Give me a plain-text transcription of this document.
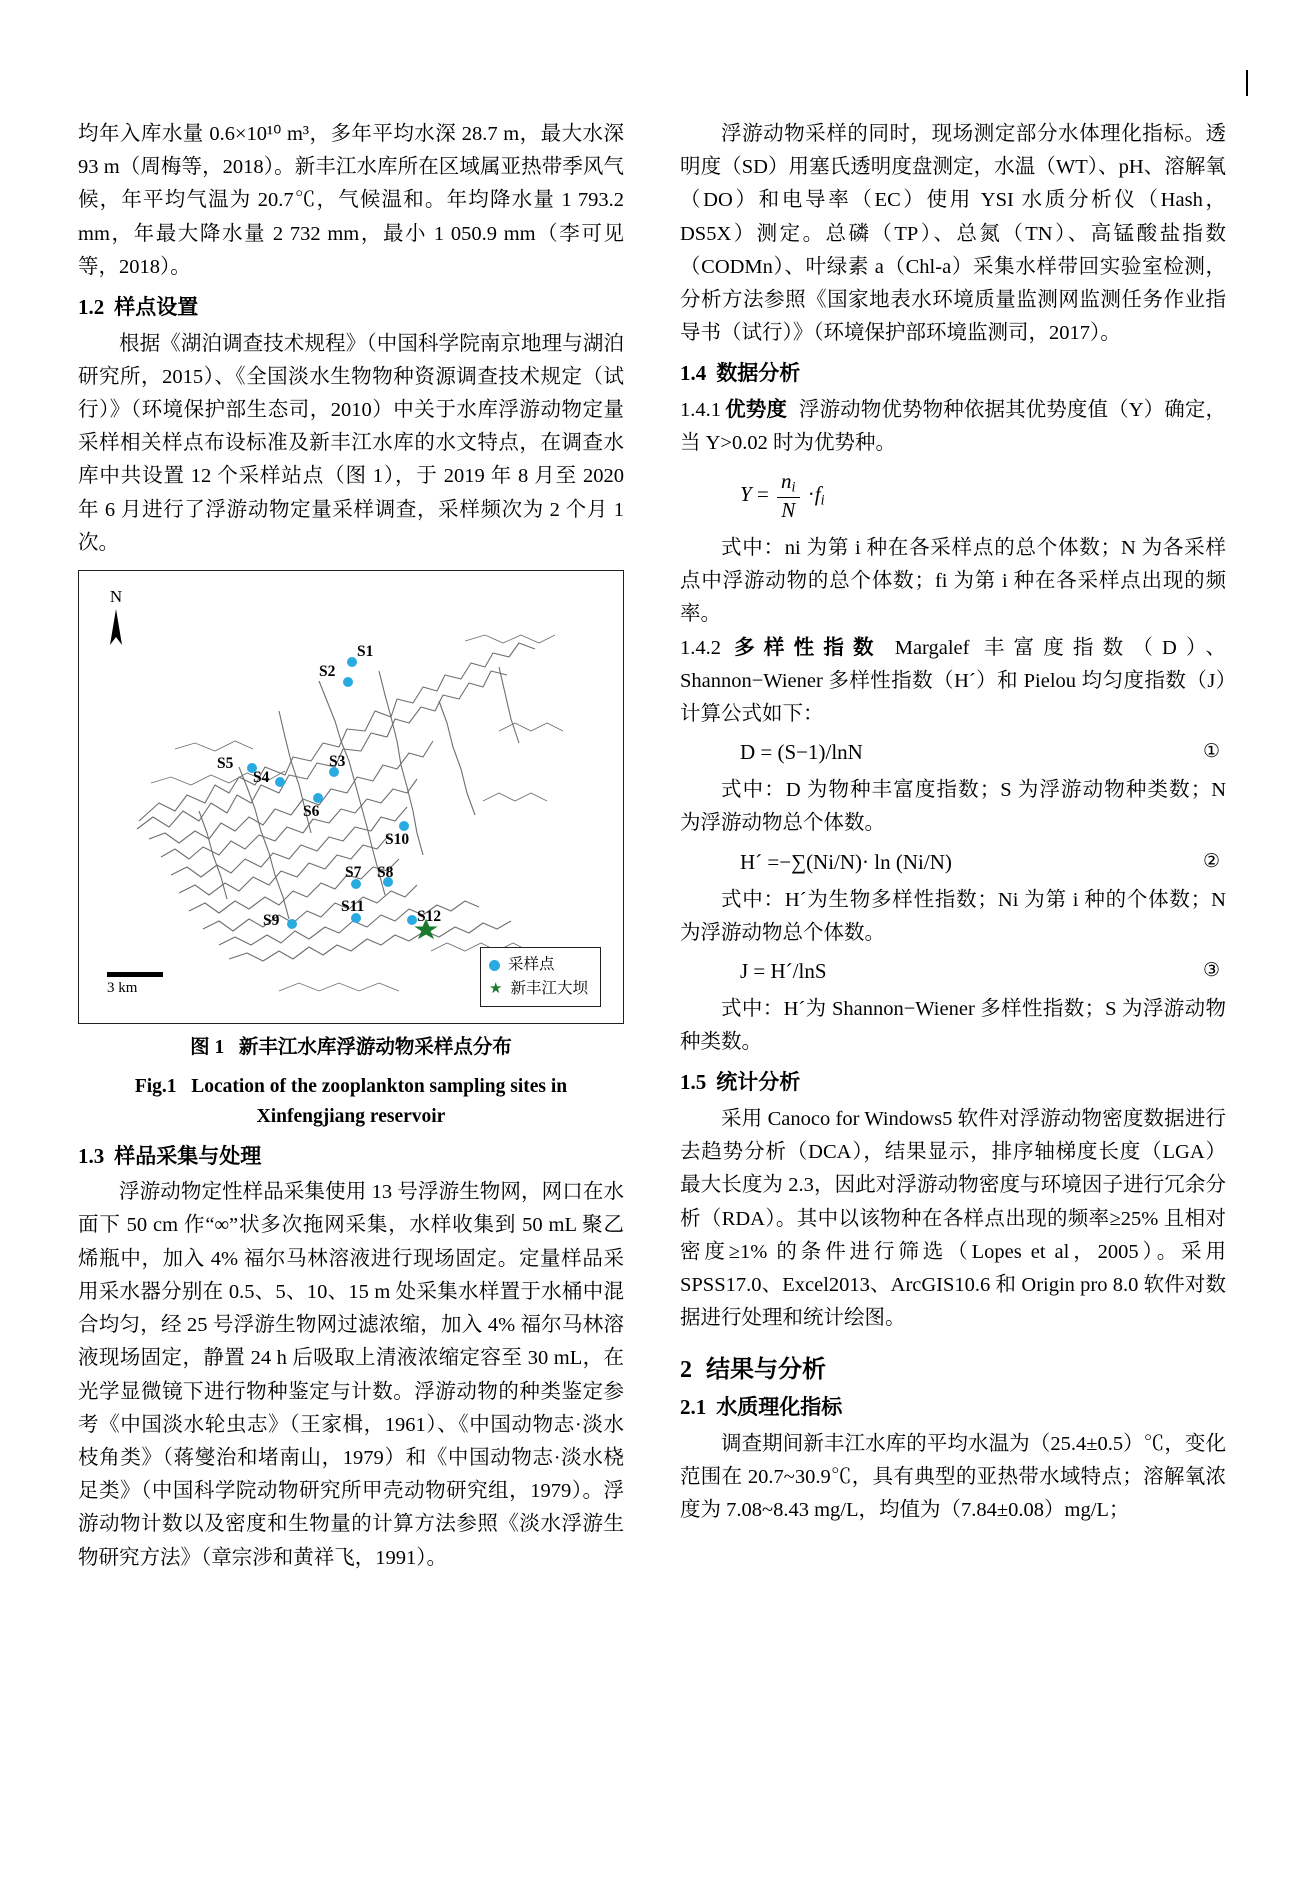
均年入库水量 0.6×10¹⁰ m³，多年平均水深 28.7 m，最大水深 93 m（周梅等，2018）。新丰江水库所在区域属亚热带季风气候，年平均气温为 20.7℃，气候温和。年均降水量 1 793.2 mm，年最大降水量 2 732 mm，最小 1 050.9 mm（李可见等，2018）。

1.2 样点设置

根据《湖泊调查技术规程》（中国科学院南京地理与湖泊研究所，2015）、《全国淡水生物物种资源调查技术规定（试行）》（环境保护部生态司，2010）中关于水库浮游动物定量采样相关样点布设标准及新丰江水库的水文特点，在调查水库中共设置 12 个采样站点（图 1），于 2019 年 8 月至 2020 年 6 月进行了浮游动物定量采样调查，采样频次为 2 个月 1 次。

N
S1
S2
S5
S4
S3
S6
S10
S7 S8
S11
S9	S12
3 km
采样点
★ 新丰江大坝
图 1 新丰江水库浮游动物采样点分布
Fig.1 Location of the zooplankton sampling sites in
Xinfengjiang reservoir
1.3 样品采集与处理

浮游动物定性样品采集使用 13 号浮游生物网，网口在水面下 50 cm 作“∞”状多次拖网采集，水样收集到 50 mL 聚乙烯瓶中，加入 4% 福尔马林溶液进行现场固定。定量样品采用采水器分别在 0.5、5、10、15 m 处采集水样置于水桶中混合均匀，经 25 号浮游生物网过滤浓缩，加入 4% 福尔马林溶液现场固定，静置 24 h 后吸取上清液浓缩定容至 30 mL，在光学显微镜下进行物种鉴定与计数。浮游动物的种类鉴定参考《中国淡水轮虫志》（王家楫，1961）、《中国动物志·淡水枝角类》（蒋燮治和堵南山，1979）和《中国动物志·淡水桡足类》（中国科学院动物研究所甲壳动物研究组，1979）。浮游动物计数以及密度和生物量的计算方法参照《淡水浮游生物研究方法》（章宗涉和黄祥飞，1991）。

浮游动物采样的同时，现场测定部分水体理化指标。透明度（SD）用塞氏透明度盘测定，水温（WT）、pH、溶解氧（DO）和电导率（EC）使用 YSI 水质分析仪（Hash，DS5X）测定。总磷（TP）、总氮（TN）、高锰酸盐指数（CODMn）、叶绿素 a（Chl-a）采集水样带回实验室检测，分析方法参照《国家地表水环境质量监测网监测任务作业指导书（试行）》（环境保护部环境监测司，2017）。

1.4 数据分析
1.4.1 优势度 浮游动物优势物种依据其优势度值（Y）确定，当 Y>0.02 时为优势种。
$Y = \frac{n_i}{N} \cdot f_i$

式中：ni 为第 i 种在各采样点的总个体数；N 为各采样点中浮游动物的总个体数；fi 为第 i 种在各采样点出现的频率。

1.4.2 多样性指数 Margalef 丰富度指数（D）、Shannon−Wiener 多样性指数（H´）和 Pielou 均匀度指数（J）计算公式如下：
D = (S−1)/lnN	①

式中：D 为物种丰富度指数；S 为浮游动物种类数；N 为浮游动物总个体数。

H´ =−∑(Ni/N)· ln (Ni/N)	②

式中：H´为生物多样性指数；Ni 为第 i 种的个体数；N 为浮游动物总个体数。

J = H´/lnS	③

式中：H´为 Shannon−Wiener 多样性指数；S 为浮游动物种类数。

1.5 统计分析

采用 Canoco for Windows5 软件对浮游动物密度数据进行去趋势分析（DCA），结果显示，排序轴梯度长度（LGA）最大长度为 2.3，因此对浮游动物密度与环境因子进行冗余分析（RDA）。其中以该物种在各样点出现的频率≥25% 且相对密度≥1% 的条件进行筛选（Lopes et al，2005）。采用 SPSS17.0、Excel2013、ArcGIS10.6 和 Origin pro 8.0 软件对数据进行处理和统计绘图。

2 结果与分析
2.1 水质理化指标

调查期间新丰江水库的平均水温为（25.4±0.5）℃，变化范围在 20.7~30.9℃，具有典型的亚热带水域特点；溶解氧浓度为 7.08~8.43 mg/L，均值为（7.84±0.08）mg/L；
